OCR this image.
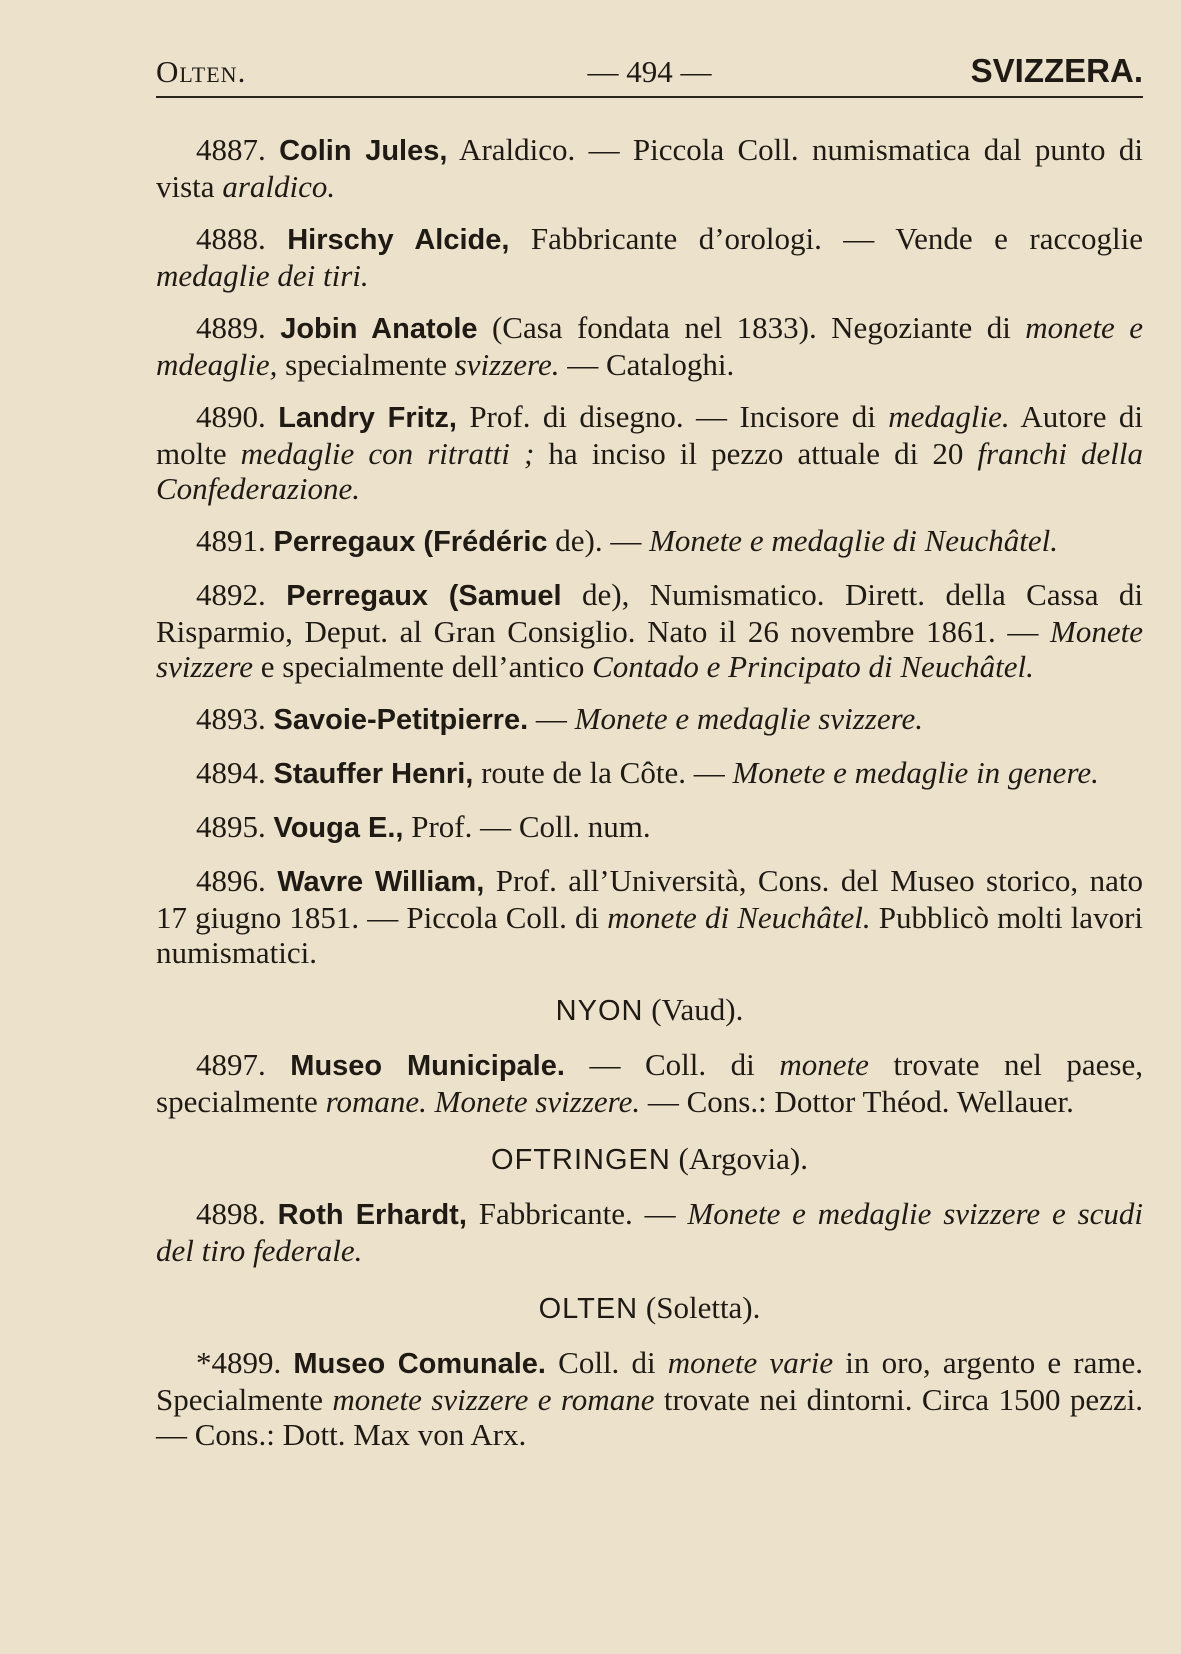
Olten.	— 494 —	SVIZZERA.

4887. Colin Jules, Araldico. — Piccola Coll. numismatica dal punto di vista araldico.

4888. Hirschy Alcide, Fabbricante d’orologi. — Vende e raccoglie medaglie dei tiri.

4889. Jobin Anatole (Casa fondata nel 1833). Negoziante di monete e mdeaglie, specialmente svizzere. — Cataloghi.

4890. Landry Fritz, Prof. di disegno. — Incisore di medaglie. Autore di molte medaglie con ritratti ; ha inciso il pezzo attuale di 20 franchi della Confederazione.

4891. Perregaux (Frédéric de). — Monete e medaglie di Neuchâtel.

4892. Perregaux (Samuel de), Numismatico. Dirett. della Cassa di Risparmio, Deput. al Gran Consiglio. Nato il 26 novembre 1861. — Monete svizzere e specialmente dell’antico Contado e Principato di Neuchâtel.

4893. Savoie-Petitpierre. — Monete e medaglie svizzere.

4894. Stauffer Henri, route de la Côte. — Monete e medaglie in genere.

4895. Vouga E., Prof. — Coll. num.

4896. Wavre William, Prof. all’Università, Cons. del Museo storico, nato 17 giugno 1851. — Piccola Coll. di monete di Neuchâtel. Pubblicò molti lavori numismatici.

NYON (Vaud).

4897. Museo Municipale. — Coll. di monete trovate nel paese, specialmente romane. Monete svizzere. — Cons.: Dottor Théod. Wellauer.

OFTRINGEN (Argovia).

4898. Roth Erhardt, Fabbricante. — Monete e medaglie svizzere e scudi del tiro federale.

OLTEN (Soletta).

*4899. Museo Comunale. Coll. di monete varie in oro, argento e rame. Specialmente monete svizzere e romane trovate nei dintorni. Circa 1500 pezzi. — Cons.: Dott. Max von Arx.
